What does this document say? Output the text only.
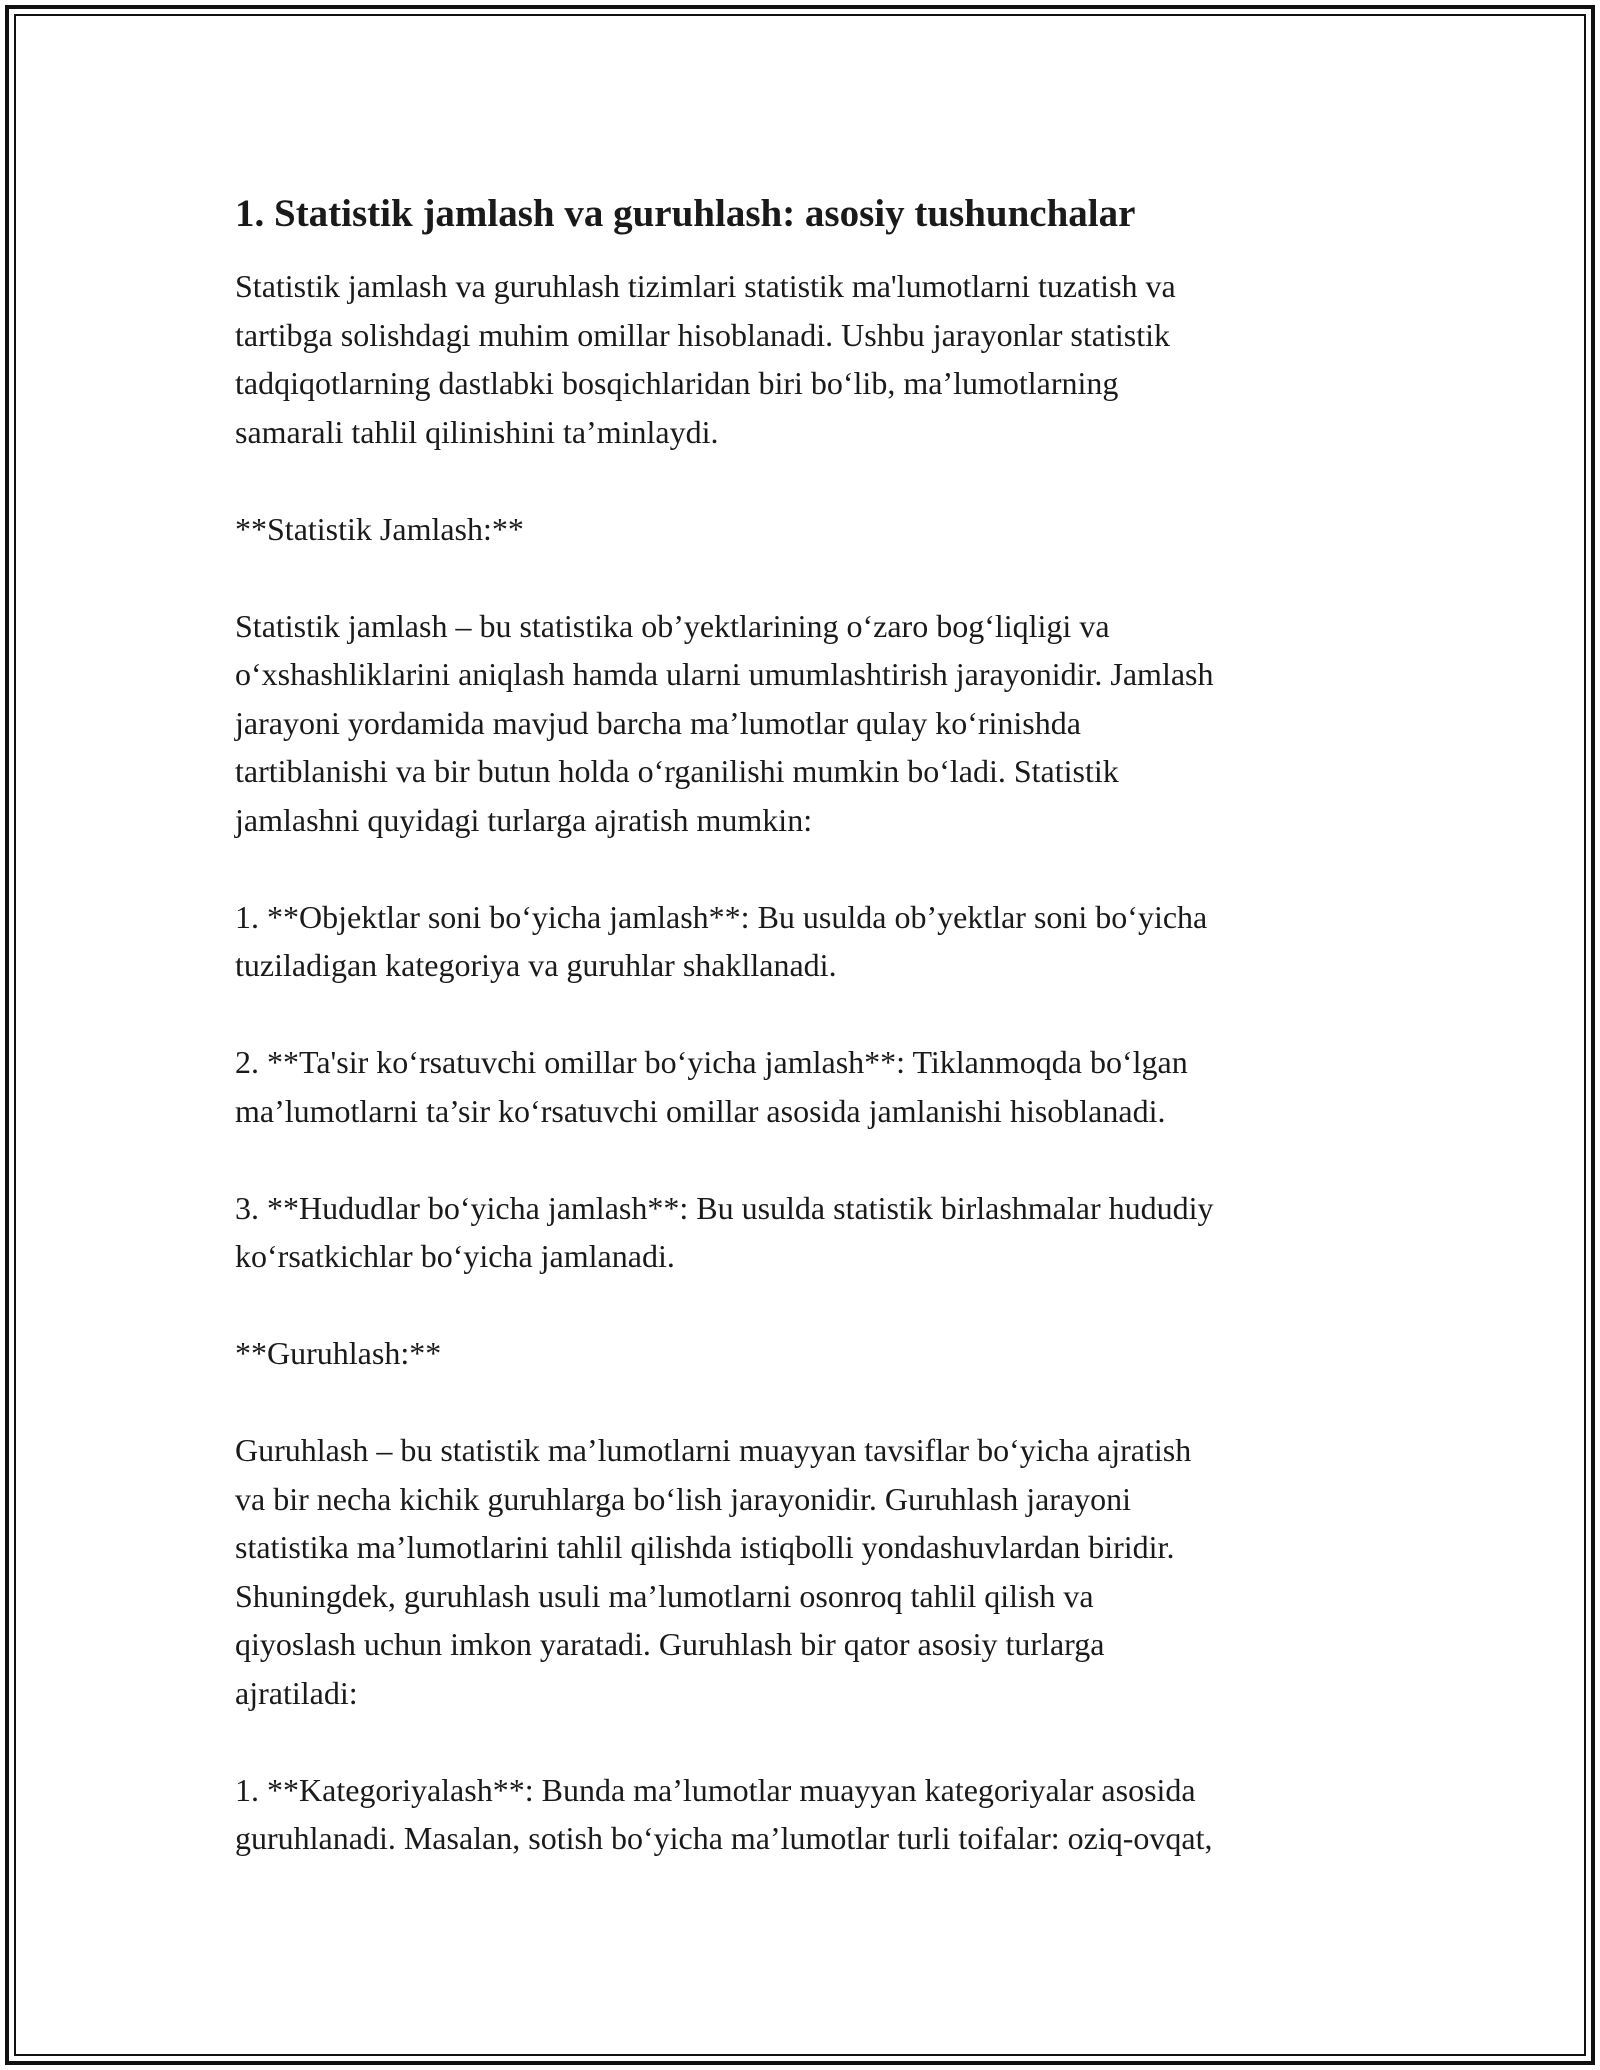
1. Statistik jamlash va guruhlash: asosiy tushunchalar

Statistik jamlash va guruhlash tizimlari statistik ma'lumotlarni tuzatish va
tartibga solishdagi muhim omillar hisoblanadi. Ushbu jarayonlar statistik
tadqiqotlarning dastlabki bosqichlaridan biri bo‘lib, ma’lumotlarning
samarali tahlil qilinishini ta’minlaydi.

**Statistik Jamlash:**

Statistik jamlash – bu statistika ob’yektlarining o‘zaro bog‘liqligi va
o‘xshashliklarini aniqlash hamda ularni umumlashtirish jarayonidir. Jamlash
jarayoni yordamida mavjud barcha ma’lumotlar qulay ko‘rinishda
tartiblanishi va bir butun holda o‘rganilishi mumkin bo‘ladi. Statistik
jamlashni quyidagi turlarga ajratish mumkin:

1. **Objektlar soni bo‘yicha jamlash**: Bu usulda ob’yektlar soni bo‘yicha
tuziladigan kategoriya va guruhlar shakllanadi.

2. **Ta'sir ko‘rsatuvchi omillar bo‘yicha jamlash**: Tiklanmoqda bo‘lgan
ma’lumotlarni ta’sir ko‘rsatuvchi omillar asosida jamlanishi hisoblanadi.

3. **Hududlar bo‘yicha jamlash**: Bu usulda statistik birlashmalar hududiy
ko‘rsatkichlar bo‘yicha jamlanadi.

**Guruhlash:**

Guruhlash – bu statistik ma’lumotlarni muayyan tavsiflar bo‘yicha ajratish
va bir necha kichik guruhlarga bo‘lish jarayonidir. Guruhlash jarayoni
statistika ma’lumotlarini tahlil qilishda istiqbolli yondashuvlardan biridir.
Shuningdek, guruhlash usuli ma’lumotlarni osonroq tahlil qilish va
qiyoslash uchun imkon yaratadi. Guruhlash bir qator asosiy turlarga
ajratiladi:

1. **Kategoriyalash**: Bunda ma’lumotlar muayyan kategoriyalar asosida
guruhlanadi. Masalan, sotish bo‘yicha ma’lumotlar turli toifalar: oziq-ovqat,
